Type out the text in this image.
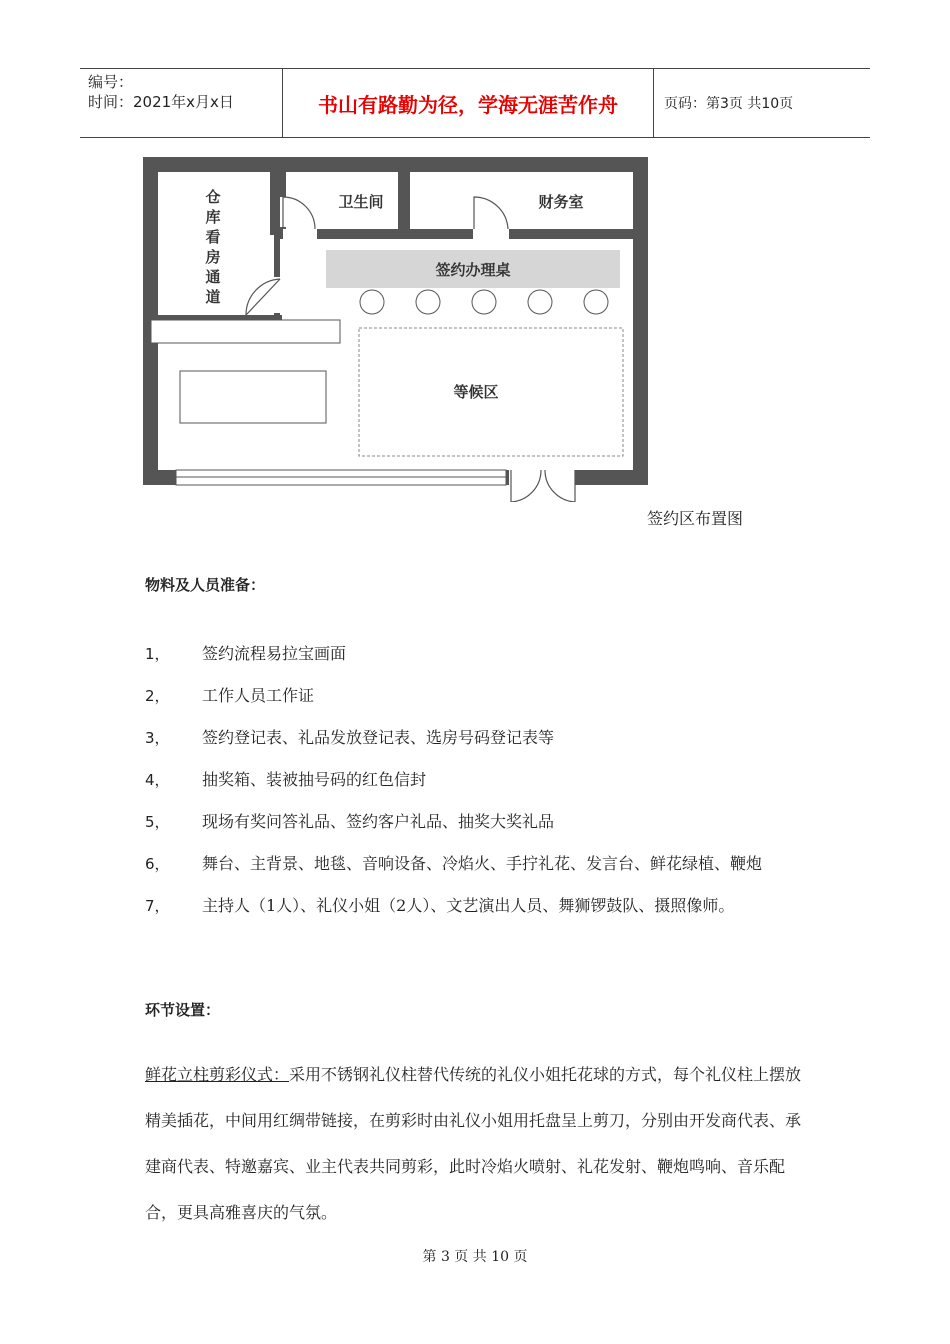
编号：
时间：2021年x月x日	书山有路勤为径，学海无涯苦作舟	页码：第3页 共10页
仓
库
看
房
通
道
卫生间	财务室
签约办理桌
等候区
签约区布置图
物料及人员准备：
1，	签约流程易拉宝画面
2，	工作人员工作证
3，	签约登记表、礼品发放登记表、选房号码登记表等
4，	抽奖箱、装被抽号码的红色信封
5，	现场有奖问答礼品、签约客户礼品、抽奖大奖礼品
6，	舞台、主背景、地毯、音响设备、冷焰火、手拧礼花、发言台、鲜花绿植、鞭炮
7，	主持人（1人）、礼仪小姐（2人）、文艺演出人员、舞狮锣鼓队、摄照像师。
环节设置：
鲜花立柱剪彩仪式：采用不锈钢礼仪柱替代传统的礼仪小姐托花球的方式，每个礼仪柱上摆放精美插花，中间用红绸带链接，在剪彩时由礼仪小姐用托盘呈上剪刀，分别由开发商代表、承建商代表、特邀嘉宾、业主代表共同剪彩，此时冷焰火喷射、礼花发射、鞭炮鸣响、音乐配合，更具高雅喜庆的气氛。
第 3 页 共 10 页
